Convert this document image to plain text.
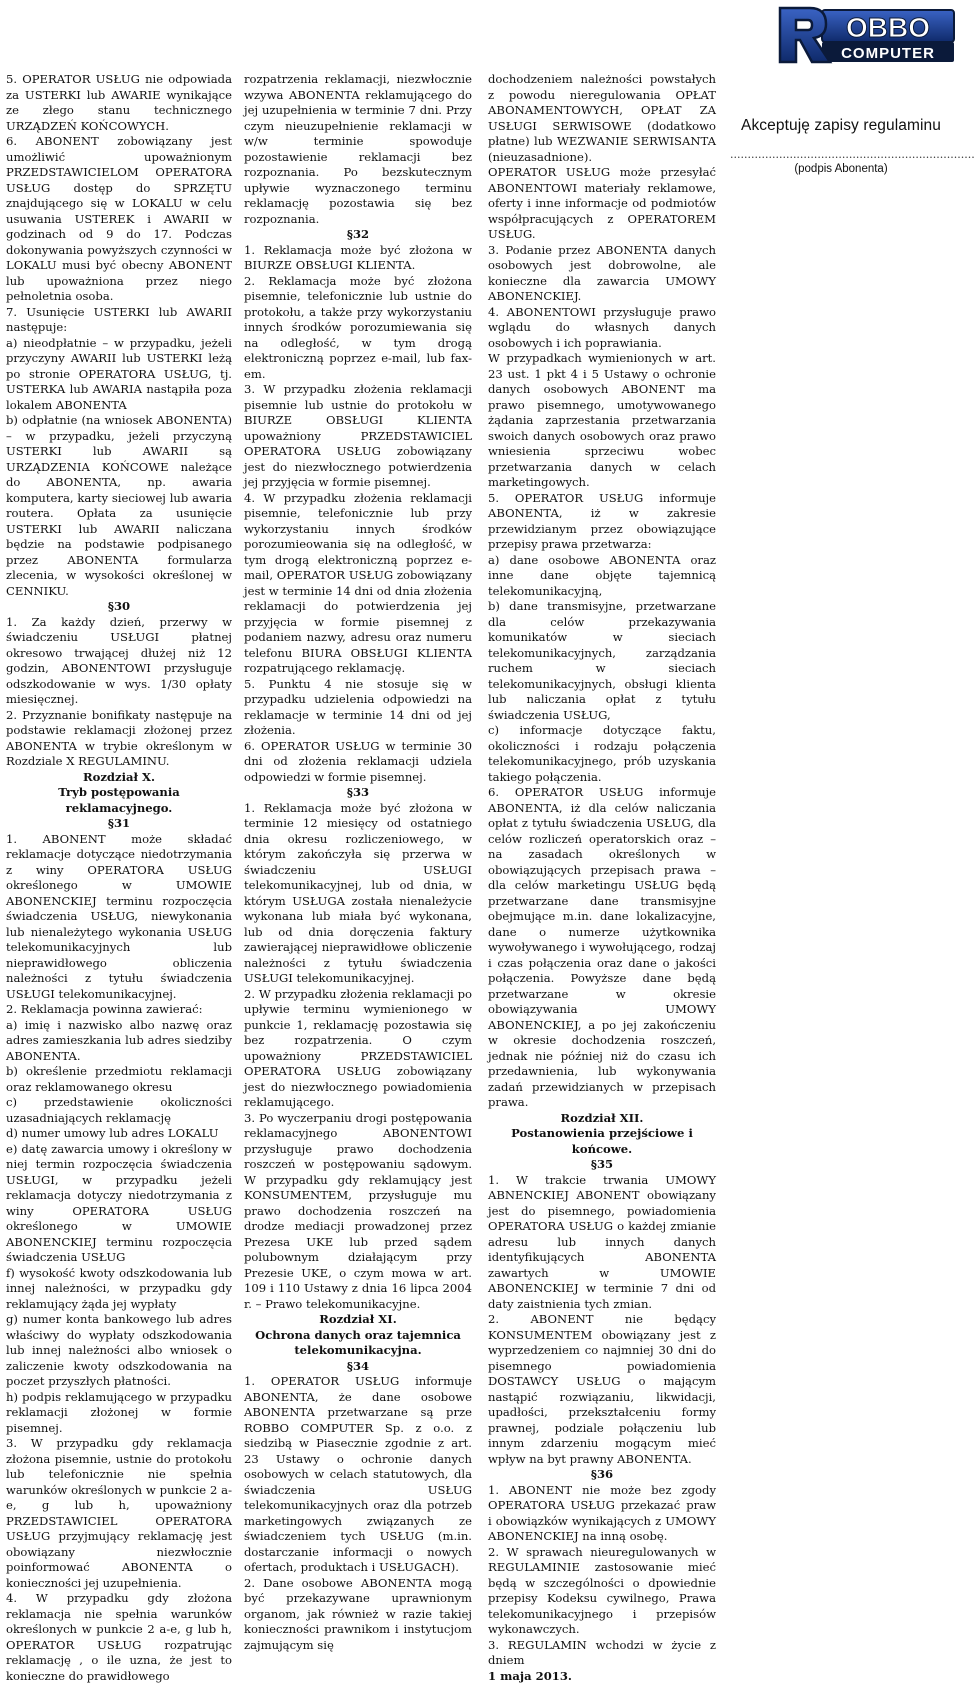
OBBO
COMPUTER
5. OPERATOR USŁUG nie odpowiada za USTERKI lub AWARIE wynikające ze złego stanu technicznego URZĄDZEŃ KOŃCOWYCH.
6. ABONENT zobowiązany jest umożliwić upoważnionym PRZEDSTAWICIELOM OPERATORA USŁUG dostęp do SPRZĘTU znajdującego się w LOKALU w celu usuwania USTEREK i AWARII w godzinach od 9 do 17. Podczas dokonywania powyższych czynności w LOKALU musi być obecny ABONENT lub upoważniona przez niego pełnoletnia osoba.
7. Usunięcie USTERKI lub AWARII następuje:
a) nieodpłatnie – w przypadku, jeżeli przyczyny AWARII lub USTERKI leżą po stronie OPERATORA USŁUG, tj. USTERKA lub AWARIA nastąpiła poza lokalem ABONENTA
b) odpłatnie (na wniosek ABONENTA) – w przypadku, jeżeli przyczyną USTERKI lub AWARII są URZĄDZENIA KOŃCOWE należące do ABONENTA, np. awaria komputera, karty sieciowej lub awaria routera. Opłata za usunięcie USTERKI lub AWARII naliczana będzie na podstawie podpisanego przez ABONENTA formularza zlecenia, w wysokości określonej w CENNIKU.
§30
1. Za każdy dzień, przerwy w świadczeniu USŁUGI płatnej okresowo trwającej dłużej niż 12 godzin, ABONENTOWI przysługuje odszkodowanie w wys. 1/30 opłaty miesięcznej.
2. Przyznanie bonifikaty następuje na podstawie reklamacji złożonej przez ABONENTA w trybie określonym w Rozdziale X REGULAMINU.
Rozdział X.
Tryb postępowania reklamacyjnego.
§31
1. ABONENT może składać reklamacje dotyczące niedotrzymania z winy OPERATORA USŁUG określonego w UMOWIE ABONENCKIEJ terminu rozpoczęcia świadczenia USŁUG, niewykonania lub nienależytego wykonania USŁUG telekomunikacyjnych lub nieprawidłowego obliczenia należności z tytułu świadczenia USŁUGI telekomunikacyjnej.
2. Reklamacja powinna zawierać:
a) imię i nazwisko albo nazwę oraz adres zamieszkania lub adres siedziby ABONENTA.
b) określenie przedmiotu reklamacji oraz reklamowanego okresu
c) przedstawienie okoliczności uzasadniających reklamację
d) numer umowy lub adres LOKALU
e) datę zawarcia umowy i określony w niej termin rozpoczęcia świadczenia USŁUGI, w przypadku jeżeli reklamacja dotyczy niedotrzymania z winy OPERATORA USŁUG określonego w UMOWIE ABONENCKIEJ terminu rozpoczęcia świadczenia USŁUG
f) wysokość kwoty odszkodowania lub innej należności, w przypadku gdy reklamujący żąda jej wypłaty
g) numer konta bankowego lub adres właściwy do wypłaty odszkodowania lub innej należności albo wniosek o zaliczenie kwoty odszkodowania na poczet przyszłych płatności.
h) podpis reklamującego w przypadku reklamacji złożonej w formie pisemnej.
3. W przypadku gdy reklamacja złożona pisemnie, ustnie do protokołu lub telefonicznie nie spełnia warunków określonych w punkcie 2 a-e, g lub h, upoważniony PRZEDSTAWICIEL OPERATORA USŁUG przyjmujący reklamację jest obowiązany niezwłocznie poinformować ABONENTA o konieczności jej uzupełnienia.
4. W przypadku gdy złożona reklamacja nie spełnia warunków określonych w punkcie 2 a-e, g lub h, OPERATOR USŁUG rozpatrując reklamację , o ile uzna, że jest to konieczne do prawidłowego
rozpatrzenia reklamacji, niezwłocznie wzywa ABONENTA reklamującego do jej uzupełnienia w terminie 7 dni. Przy czym nieuzupełnienie reklamacji w w/w terminie spowoduje pozostawienie reklamacji bez rozpoznania. Po bezskutecznym upływie wyznaczonego terminu reklamację pozostawia się bez rozpoznania.
§32
1. Reklamacja może być złożona w BIURZE OBSŁUGI KLIENTA.
2. Reklamacja może być złożona pisemnie, telefonicznie lub ustnie do protokołu, a także przy wykorzystaniu innych środków porozumiewania się na odległość, w tym drogą elektroniczną poprzez e-mail, lub fax-em.
3. W przypadku złożenia reklamacji pisemnie lub ustnie do protokołu w BIURZE OBSŁUGI KLIENTA upoważniony PRZEDSTAWICIEL OPERATORA USŁUG zobowiązany jest do niezwłocznego potwierdzenia jej przyjęcia w formie pisemnej.
4. W przypadku złożenia reklamacji pisemnie, telefonicznie lub przy wykorzystaniu innych środków porozumieowania się na odległość, w tym drogą elektroniczną poprzez e-mail, OPERATOR USŁUG zobowiązany jest w terminie 14 dni od dnia złożenia reklamacji do potwierdzenia jej przyjęcia w formie pisemnej z podaniem nazwy, adresu oraz numeru telefonu BIURA OBSŁUGI KLIENTA rozpatrującego reklamację.
5. Punktu 4 nie stosuje się w przypadku udzielenia odpowiedzi na reklamacje w terminie 14 dni od jej złożenia.
6. OPERATOR USŁUG w terminie 30 dni od złożenia reklamacji udziela odpowiedzi w formie pisemnej.
§33
1. Reklamacja może być złożona w terminie 12 miesięcy od ostatniego dnia okresu rozliczeniowego, w którym zakończyła się przerwa w świadczeniu USŁUGI telekomunikacyjnej, lub od dnia, w którym USŁUGA została nienależycie wykonana lub miała być wykonana, lub od dnia doręczenia faktury zawierającej nieprawidłowe obliczenie należności z tytułu świadczenia USŁUGI telekomunikacyjnej.
2. W przypadku złożenia reklamacji po upływie terminu wymienionego w punkcie 1, reklamację pozostawia się bez rozpatrzenia. O czym upoważniony PRZEDSTAWICIEL OPERATORA USŁUG zobowiązany jest do niezwłocznego powiadomienia reklamującego.
3. Po wyczerpaniu drogi postępowania reklamacyjnego ABONENTOWI przysługuje prawo dochodzenia roszczeń w postępowaniu sądowym. W przypadku gdy reklamujący jest KONSUMENTEM, przysługuje mu prawo dochodzenia roszczeń na drodze mediacji prowadzonej przez Prezesa UKE lub przed sądem polubownym działającym przy Prezesie UKE, o czym mowa w art. 109 i 110 Ustawy z dnia 16 lipca 2004 r. – Prawo telekomunikacyjne.
Rozdział XI.
Ochrona danych oraz tajemnica telekomunikacyjna.
§34
1. OPERATOR USŁUG informuje ABONENTA, że dane osobowe ABONENTA przetwarzane są prze ROBBO COMPUTER Sp. z o.o. z siedzibą w Piasecznie zgodnie z art. 23 Ustawy o ochronie danych osobowych w celach statutowych, dla świadczenia USŁUG telekomunikacyjnych oraz dla potrzeb marketingowych związanych ze świadczeniem tych USŁUG (m.in. dostarczanie informacji o nowych ofertach, produktach i USŁUGACH).
2. Dane osobowe ABONENTA mogą być przekazywane uprawnionym organom, jak również w razie takiej konieczności prawnikom i instytucjom zajmującym się
dochodzeniem należności powstałych z powodu nieregulowania OPŁAT ABONAMENTOWYCH, OPŁAT ZA USŁUGI SERWISOWE (dodatkowo płatne) lub WEZWANIE SERWISANTA (nieuzasadnione).
OPERATOR USŁUG może przesyłać ABONENTOWI materiały reklamowe, oferty i inne informacje od podmiotów współpracujących z OPERATOREM USŁUG.
3. Podanie przez ABONENTA danych osobowych jest dobrowolne, ale konieczne dla zawarcia UMOWY ABONENCKIEJ.
4. ABONENTOWI przysługuje prawo wglądu do własnych danych osobowych i ich poprawiania.
W przypadkach wymienionych w art. 23 ust. 1 pkt 4 i 5 Ustawy o ochronie danych osobowych ABONENT ma prawo pisemnego, umotywowanego żądania zaprzestania przetwarzania swoich danych osobowych oraz prawo wniesienia sprzeciwu wobec przetwarzania danych w celach marketingowych.
5. OPERATOR USŁUG informuje ABONENTA, iż w zakresie przewidzianym przez obowiązujące przepisy prawa przetwarza:
a) dane osobowe ABONENTA oraz inne dane objęte tajemnicą telekomunikacyjną,
b) dane transmisyjne, przetwarzane dla celów przekazywania komunikatów w sieciach telekomunikacyjnych, zarządzania ruchem w sieciach telekomunikacyjnych, obsługi klienta lub naliczania opłat z tytułu świadczenia USŁUG,
c) informacje dotyczące faktu, okoliczności i rodzaju połączenia telekomunikacyjnego, prób uzyskania takiego połączenia.
6. OPERATOR USŁUG informuje ABONENTA, iż dla celów naliczania opłat z tytułu świadczenia USŁUG, dla celów rozliczeń operatorskich oraz – na zasadach określonych w obowiązujących przepisach prawa – dla celów marketingu USŁUG będą przetwarzane dane transmisyjne obejmujące m.in. dane lokalizacyjne, dane o numerze użytkownika wywoływanego i wywołującego, rodzaj i czas połączenia oraz dane o jakości połączenia. Powyższe dane będą przetwarzane w okresie obowiązywania UMOWY ABONENCKIEJ, a po jej zakończeniu w okresie dochodzenia roszczeń, jednak nie później niż do czasu ich przedawnienia, lub wykonywania zadań przewidzianych w przepisach prawa.
Rozdział XII.
Postanowienia przejściowe i końcowe.
§35
1. W trakcie trwania UMOWY ABNENCKIEJ ABONENT obowiązany jest do pisemnego, powiadomienia OPERATORA USŁUG o każdej zmianie adresu lub innych danych identyfikujących ABONENTA zawartych w UMOWIE ABONENCKIEJ w terminie 7 dni od daty zaistnienia tych zmian.
2. ABONENT nie będący KONSUMENTEM obowiązany jest z wyprzedzeniem co najmniej 30 dni do pisemnego powiadomienia DOSTAWCY USŁUG o mającym nastąpić rozwiązaniu, likwidacji, upadłości, przekształceniu formy prawnej, podziale połączeniu lub innym zdarzeniu mogącym mieć wpływ na byt prawny ABONENTA.
§36
1. ABONENT nie może bez zgody OPERATORA USŁUG przekazać praw i obowiązków wynikających z UMOWY ABONENCKIEJ na inną osobę.
2. W sprawach nieuregulowanych w REGULAMINIE zastosowanie mieć będą w szczególności o dpowiednie przepisy Kodeksu cywilnego, Prawa telekomunikacyjnego i przepisów wykonawczych.
3. REGULAMIN wchodzi w życie z dniem
1 maja 2013.
Akceptuję zapisy regulaminu
......................................................................
(podpis Abonenta)
